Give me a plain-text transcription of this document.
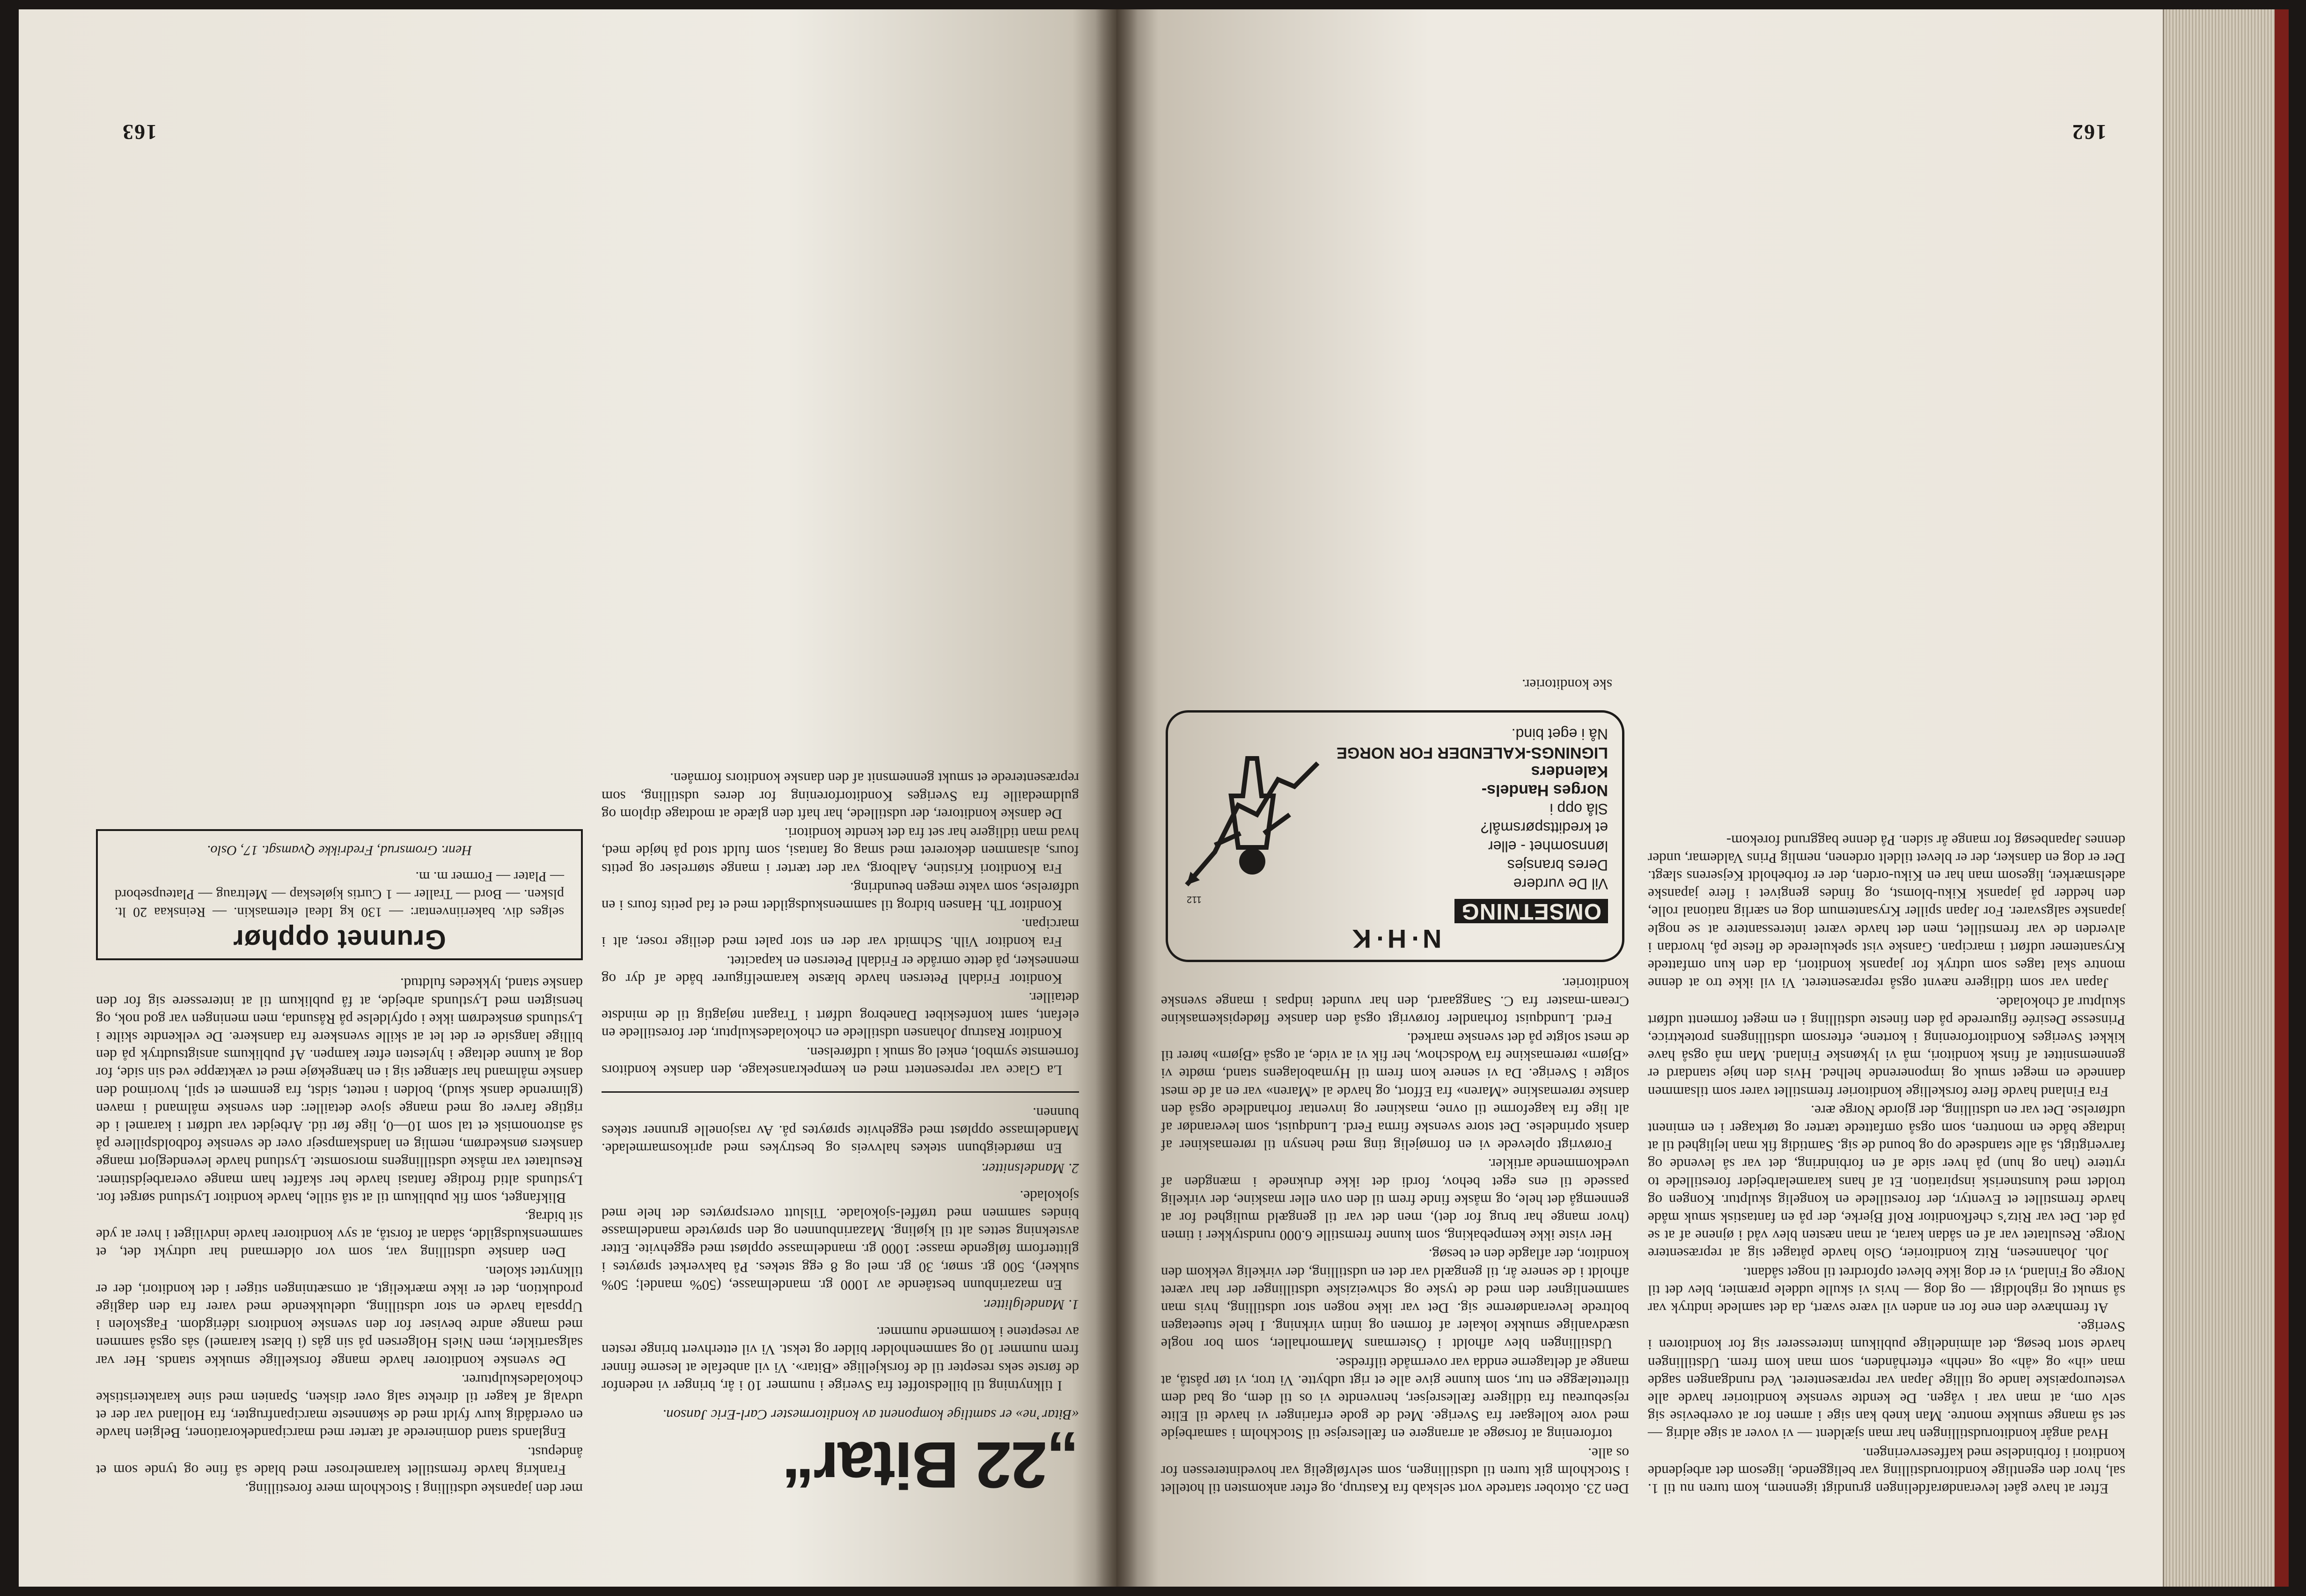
163
„22 Bitar“

«Bitar’ne» er samtlige komponent av konditormester Carl-Eric Janson.

I tilknytning til billedstoffet fra Sverige i nummer 10 i år, bringer vi nedenfor de første seks resepter til de forskjellige «Bitar». Vi vil anbefale at leserne finner frem nummer 10 og sammenholder bilder og tekst. Vi vil etterhvert bringe resten av reseptene i kommende nummer.

1. Mandelglitter.

En mazarinbunn bestående av 1000 gr. mandelmasse, (50% mandel; 50% sukker), 500 gr. smør, 30 gr. mel og 8 egg stekes. På bakverket sprøytes i glitterform følgende masse: 1000 gr. mandelmasse oppløst med eggehvite. Etter avstekning settes alt til kjøling. Mazarinbunnen og den sprøytede mandelmasse bindes sammen med trøffel-sjokolade. Tilslutt oversprøytes det hele med sjokolade.

2. Mandelsnitter.

En mørdeigbunn stekes halvveis og bestrykes med aprikosmarmelade. Mandelmasse oppløst med eggehvite sprøytes på. Av rasjonelle grunner stekes bunnen.

La Glace var representert med en kempekransekage, den danske konditors fornemste symbol, enkel og smuk i udførelsen.

Konditor Rastrup Johansen udstillede en chokoladeskulptur, der forestillede en elefant, samt konfeskibet Danebrog udført i Tragant nøjagtig til de mindste detailler.

Konditor Fridahl Petersen havde blæste karamelfigurer både af dyr og mennesker, på dette område er Fridahl Petersen en kapacitet.

Fra konditor Vilh. Schmidt var der en stor palet med deilige roser, alt i marcipan.

Konditor Th. Hansen bidrog til sammenskudsgildet med et fad petits fours i en udførelse, som vakte megen beundring.

Fra Konditori Kristine, Aalborg, var der tærter i mange størrelser og petits fours, alsammen dekoreret med smag og fantasi, som fuldt stod på højde med, hvad man tidligere har set fra det kendte konditori.

De danske konditorer, der udstillede, har haft den glæde at modtage diplom og guldmedaille fra Sveriges Konditorforening for deres udstilling, som repræsenterede et smukt gennemsnit af den danske konditors formåen.

mer den japanske udstilling i Stockholm mere forestilling.

Frankrig havde fremstillet karamelroser med blade så fine og tynde som et åndepust.

Englands stand dominerede af tærter med marcipandekorationer, Belgien havde en overdådig kurv fyldt med de skønneste marcipanfrugter, fra Holland var der et udvalg af kager til direkte salg over disken, Spanien med sine karakteristiske chokoladeskulpturer.

De svenske konditorer havde mange forskellige smukke stands. Her var salgsartikler, men Niels Holgersen på sin gås (i blæst karamel) sås også sammen med mange andre beviser for den svenske konditors idérigdom. Fagskolen i Uppsala havde en stor udstilling, udelukkende med varer fra den daglige produktion, det er ikke mærkeligt, at omsætningen stiger i det konditori, der er tilknyttet skolen.

Den danske udstilling var, som vor oldermand har udtrykt det, et sammenskudsgilde, sådan at forstå, at syv konditorer havde indviliget i hver at yde sit bidrag.

Blikfanget, som fik publikum til at stå stille, havde konditor Lystlund sørget for. Lystlunds altid frodige fantasi havde her skaffet ham mange overarbejdstimer. Resultatet var måske udstillingens morsomste. Lystlund havde levendegjort mange danskers ønskedrøm, nemlig en landskampsejr over de svenske fodboldspillere på så astronomisk et tal som 10—0, lige før tid. Arbejdet var udført i karamel i de rigtige farver og med mange sjove detailler: den svenske målmand i maven (glimrende dansk skud), bolden i nettet, sidst, fra genmem et spil, hvorimod den danske målmand har slænget sig i en hængekøje med et væktæppe ved sin side, for dog at kunne deltage i hylesten efter kampen. Af publikums ansigtsudtryk på den billige langside er det let at skille svenskere fra danskere. De velkendte skilte i Lystlunds ønskedrøm ikke i opfyldelse på Råsunda, men meningen var god nok, og hensigten med Lystlunds arbejde, at få publikum til at interessere sig for den danske stand, lykkedes fuldtud.

Grunnet opphør
selges div. bakeriinventar: — 130 kg Ideal eltemaskin. — Reinskaa 20 lt. plsken. — Bord — Traller — 1 Curtis kjøleskap — Meltraug — Plateupsebord — Plater — Former m. m.
Henr. Gromsrud, Fredrikke Qvamsgt. 17, Oslo.
162

Efter at have gået leverandørafdelingen grundigt igennem, kom turen nu til 1. sal, hvor den egentlige konditorudstilling var beliggende, ligesom det arbejdende konditori i forbindelse med kaffeserveringen.

Hvad angår konditorudstillingen har man sjældent — vi vover at sige aldrig — set så mange smukke montre. Man kneb kan sige i armen for at overbevise sig selv om, at man var i vågen. De kendte svenske konditorier havde alle vesteuropæiske lande og tillige Japan var repræsenteret. Ved rundgangen sagde man «ih» og «åh» og «nehh» efterhånden, som man kom frem. Udstillingen havde stort besøg, det almindelige publikum interesserer sig for konditoren i Sverige.

At fremhæve den ene for en anden vil være svært, da det samlede indtryk var så smukt og righoldigt — og dog — hvis vi skulle uddele præmier, blev det til Norge og Finland, vi er dog ikke blevet opfordret til noget sådant.

Joh. Johannesen, Ritz konditorier, Oslo havde påtaget sig at repræsentere Norge. Resultatet var af en sådan karat, at man næsten blev våd i øjnene af at se på det. Det var Ritz’s chefkonditor Rolf Bjerke, der på en fantastisk smuk måde havde fremstillet et Eventyr, der forestillede en kongelig skulptur. Kongen og troldet med kunstnerisk inspiration. Et af hans karamelarbejder forestillede to ryttere (han og hun) på hver side af en forbindring, det var så levende og farverigtigt, så alle standsede op og bound de sig. Samtidig fik man lejlighed til at indtage både en montren, som også omfattede tærter og tørkager i en eminent udførelse. Det var en udstilling, der gjorde Norge ære.

Fra Finland havde flere forskellige konditorier fremstillet varer som tilsammen dannede en meget smuk og imponerende helhed. Hvis den høje standard er gennemsnittet af finsk konditori, må vi lykønske Finland. Man må også have kikket Sveriges Konditorforening i kortene, eftersom udstillingens protektrice, Prinsesse Desirée figurerede på den fineste udstilling i en meget formentt udført skulptur af chokolade.

Japan var som tidligere nævnt også repræsenteret. Vi vil ikke tro at denne montre skal tages som udtryk for japansk konditori, da den kun omfattede Krysantemer udført i marcipan. Ganske vist spekulerede de fleste på, hvordan i alverden de var fremstillet, men det havde været interessantere at se nogle japanske salgsvarer. For Japan spiller Krysantemum dog en særlig national rolle, den hedder på japansk Kiku-blomst, og findes gengivet i flere japanske adelsmærker, ligesom man har en Kiku-orden, der er forbeholdt Kejserens slægt. Der er dog en dansker, der er blevet tildelt ordenen, nemlig Prins Valdemar, under dennes Japanbesøg for mange år siden. På denne baggrund forekom-

Den 23. oktober startede vort selskab fra Kastrup, og efter ankomsten til hotellet i Stockholm gik turen til udstillingen, som selvfølgelig var hovedinteressen for os alle.

torforening at forsøge at arrangere en fællesrejse til Stockholm i samarbejde med vore kollegaer fra Sverige. Med de gode erfaringer vi havde til Elite rejsebureau fra tidligere fællesrejser, henvendte vi os til dem, og bad dem tilrettelægge en tur, som kunne give alle et rigt udbytte. Vi tror, vi tør påstå, at mange af deltagerne endda var overmåde tilfredse.

Udstillingen blev afholdt i Östermans Marmorhaller, som bor nogle usædvanlige smukke lokaler af formen og intim virkning. I hele stueetagen boltrede leverandørerne sig. Det var ikke nogen stor udstilling, hvis man sammenligner den med de tyske og schweiziske udstillinger der har været afholdt i de senere år, til gengæld var det en udstilling, der virkelig vekkom den konditor, der aflagde den et besøg.

Her viste ikke kempebaking, som kunne fremstille 6.000 rundstykker i timen (hvor mange har brug for det), men det var til gengæld mulighed for at gennemgå det hele, og måske finde frem til den ovn eller maskine, der virkelig passede til ens eget behov, fordi det ikke druknede i mængden af uvedkommende artikler.

Forøvrigt oplevede vi en fornøjelig ting med hensyn til røremaskiner af dansk oprindelse. Det store svenske firma Ferd. Lundquist, som leverandør af alt lige fra kageforme til ovne, maskiner og inventar forhandlede også den danske røremaskine «Maren» fra Effort, og havde al «Maren» var en af de mest solgte i Sverige. Da vi senere kom frem til Hymabolagens stand, mødte vi «Bjørn» røremaskine fra Wodschow, her fik vi at vide, at også «Bjørn» hører til de mest solgte på det svenske marked.

Ferd. Lundquist forhandler forøvrigt også den danske flødepiskemaskine Cream-master fra C. Sanggaard, den har vundet indpas i mange svenske konditorier.

N·H·K
112	OMSETNING
Vil De vurdere
Deres bransjes
lønnsomhet - eller
et kredittspørsmål?
Slå opp i
Norges Handels-
Kalenders
LIGNINGS-KALENDER FOR NORGE
Nå i eget bind.

ske konditorier.
